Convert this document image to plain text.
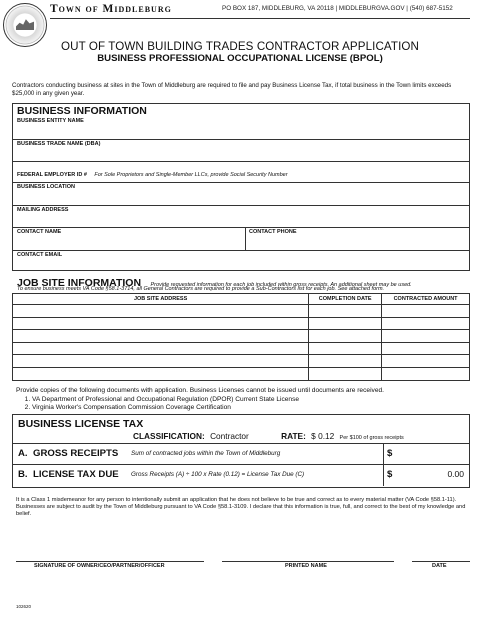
Town of Middleburg	PO BOX 187, MIDDLEBURG, VA 20118 | MIDDLEBURGVA.GOV | (540) 687-5152
OUT OF TOWN BUILDING TRADES CONTRACTOR APPLICATION
BUSINESS PROFESSIONAL OCCUPATIONAL LICENSE (BPOL)
Contractors conducting business at sites in the Town of Middleburg are required to file and pay Business License Tax, if total business in the Town limits exceeds $25,000 in any given year.
BUSINESS INFORMATION
BUSINESS ENTITY NAME
BUSINESS TRADE NAME (DBA)
FEDERAL EMPLOYER ID # For Sole Proprietors and Single-Member LLCs, provide Social Security Number
BUSINESS LOCATION
MAILING ADDRESS
CONTACT NAME	CONTACT PHONE
CONTACT EMAIL
JOB SITE INFORMATION Provide requested information for each job included within gross receipts. An additional sheet may be used.
To ensure business meets VA Code §58.1-3714, all General Contractors are required to provide a Sub-Contractors list for each job. See attached form.
JOB SITE ADDRESS	COMPLETION DATE	CONTRACTED AMOUNT

Provide copies of the following documents with application. Business Licenses cannot be issued until documents are received.
1. VA Department of Professional and Occupational Regulation (DPOR) Current State License
2. Virginia Worker's Compensation Commission Coverage Certification
BUSINESS LICENSE TAX
CLASSIFICATION: Contractor	RATE: $ 0.12 Per $100 of gross receipts
A. GROSS RECEIPTS Sum of contracted jobs within the Town of Middleburg	$
B. LICENSE TAX DUE Gross Receipts (A) ÷ 100 x Rate (0.12) = License Tax Due (C)	$	0.00
It is a Class 1 misdemeanor for any person to intentionally submit an application that he does not believe to be true and correct as to every material matter (VA Code §58.1-11). Businesses are subject to audit by the Town of Middleburg pursuant to VA Code §58.1-3109. I declare that this information is true, full, and correct to the best of my knowledge and belief.
SIGNATURE OF OWNER/CEO/PARTNER/OFFICER	PRINTED NAME	DATE
102620
